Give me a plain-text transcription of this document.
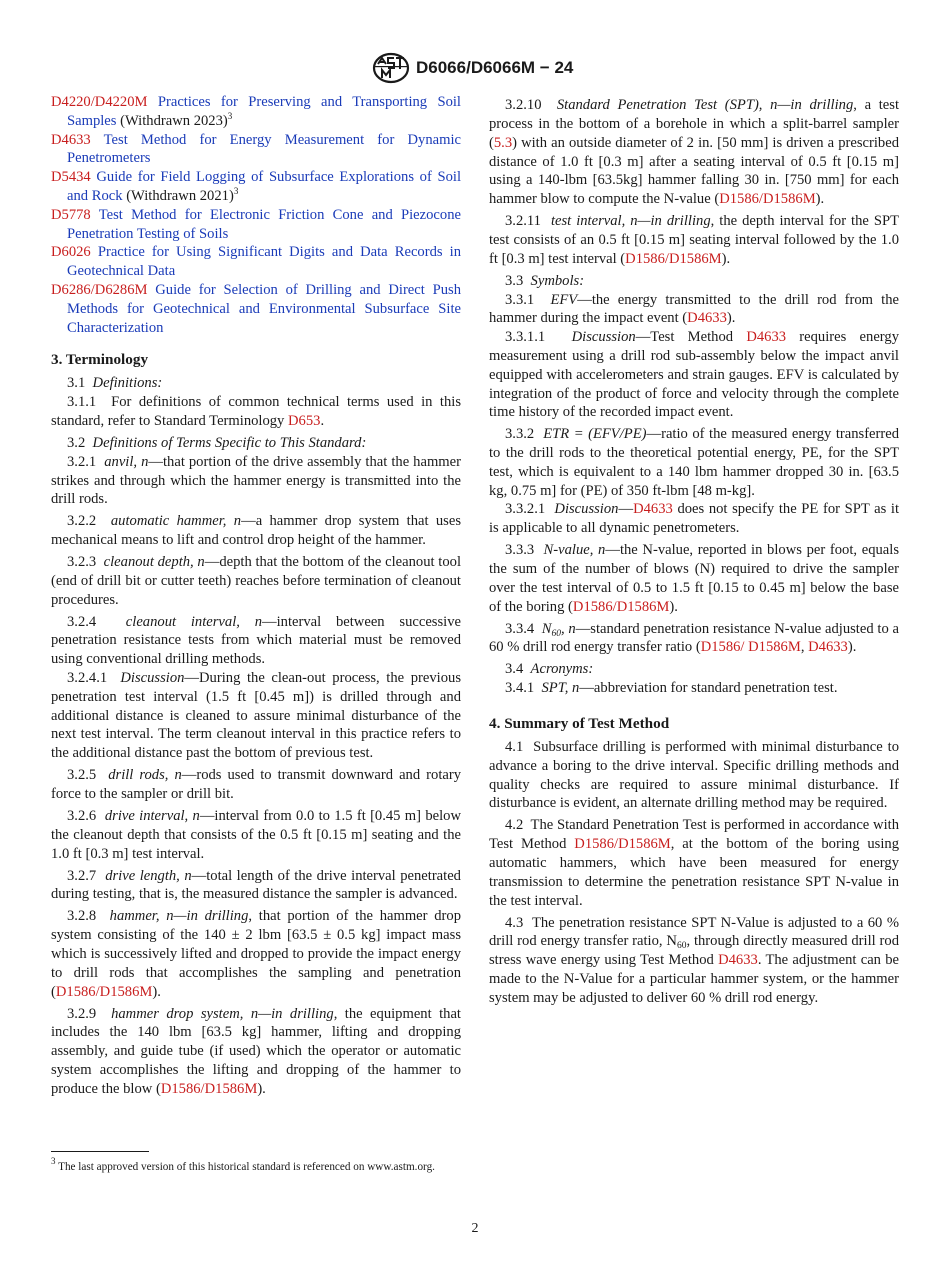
D6066/D6066M − 24

D4220/D4220M Practices for Preserving and Transporting Soil Samples (Withdrawn 2023)$^3$

D4633 Test Method for Energy Measurement for Dynamic Penetrometers

D5434 Guide for Field Logging of Subsurface Explorations of Soil and Rock (Withdrawn 2021)$^3$

D5778 Test Method for Electronic Friction Cone and Piezocone Penetration Testing of Soils

D6026 Practice for Using Significant Digits and Data Records in Geotechnical Data

D6286/D6286M Guide for Selection of Drilling and Direct Push Methods for Geotechnical and Environmental Subsurface Site Characterization

3. Terminology

3.1 Definitions:

3.1.1 For definitions of common technical terms used in this standard, refer to Standard Terminology D653.

3.2 Definitions of Terms Specific to This Standard:

3.2.1 anvil, n—that portion of the drive assembly that the hammer strikes and through which the hammer energy is transmitted into the drill rods.

3.2.2 automatic hammer, n—a hammer drop system that uses mechanical means to lift and control drop height of the hammer.

3.2.3 cleanout depth, n—depth that the bottom of the cleanout tool (end of drill bit or cutter teeth) reaches before termination of cleanout procedures.

3.2.4 cleanout interval, n—interval between successive penetration resistance tests from which material must be removed using conventional drilling methods.

3.2.4.1 Discussion—During the clean-out process, the previous penetration test interval (1.5 ft [0.45 m]) is drilled through and additional distance is cleaned to assure minimal disturbance of the next test interval. The term cleanout interval in this practice refers to the additional distance past the bottom of previous test.

3.2.5 drill rods, n—rods used to transmit downward and rotary force to the sampler or drill bit.

3.2.6 drive interval, n—interval from 0.0 to 1.5 ft [0.45 m] below the cleanout depth that consists of the 0.5 ft [0.15 m] seating and the 1.0 ft [0.3 m] test interval.

3.2.7 drive length, n—total length of the drive interval penetrated during testing, that is, the measured distance the sampler is advanced.

3.2.8 hammer, n—in drilling, that portion of the hammer drop system consisting of the 140 ± 2 lbm [63.5 ± 0.5 kg] impact mass which is successively lifted and dropped to provide the impact energy to drill rods that accomplishes the sampling and penetration (D1586/D1586M).

3.2.9 hammer drop system, n—in drilling, the equipment that includes the 140 lbm [63.5 kg] hammer, lifting and dropping assembly, and guide tube (if used) which the operator or automatic system accomplishes the lifting and dropping of the hammer to produce the blow (D1586/D1586M).

$^3$ The last approved version of this historical standard is referenced on www.astm.org.

3.2.10 Standard Penetration Test (SPT), n—in drilling, a test process in the bottom of a borehole in which a split-barrel sampler (5.3) with an outside diameter of 2 in. [50 mm] is driven a prescribed distance of 1.0 ft [0.3 m] after a seating interval of 0.5 ft [0.15 m] using a 140-lbm [63.5kg] hammer falling 30 in. [750 mm] for each hammer blow to compute the N-value (D1586/D1586M).

3.2.11 test interval, n—in drilling, the depth interval for the SPT test consists of an 0.5 ft [0.15 m] seating interval followed by the 1.0 ft [0.3 m] test interval (D1586/D1586M).

3.3 Symbols:

3.3.1 EFV—the energy transmitted to the drill rod from the hammer during the impact event (D4633).

3.3.1.1 Discussion—Test Method D4633 requires energy measurement using a drill rod sub-assembly below the impact anvil equipped with accelerometers and strain gauges. EFV is calculated by integration of the product of force and velocity through the complete time history of the recorded impact event.

3.3.2 ETR = (EFV/PE)—ratio of the measured energy transferred to the drill rods to the theoretical potential energy, PE, for the SPT test, which is equivalent to a 140 lbm hammer dropped 30 in. [63.5 kg, 0.75 m] for (PE) of 350 ft-lbm [48 m-kg].

3.3.2.1 Discussion—D4633 does not specify the PE for SPT as it is applicable to all dynamic penetrometers.

3.3.3 N-value, n—the N-value, reported in blows per foot, equals the sum of the number of blows (N) required to drive the sampler over the test interval of 0.5 to 1.5 ft [0.15 to 0.45 m] below the base of the boring (D1586/D1586M).

3.3.4 $N_{60}$, n—standard penetration resistance N-value adjusted to a 60 % drill rod energy transfer ratio (D1586/ D1586M, D4633).

3.4 Acronyms:

3.4.1 SPT, n—abbreviation for standard penetration test.

4. Summary of Test Method

4.1 Subsurface drilling is performed with minimal disturbance to advance a boring to the drive interval. Specific drilling methods and quality checks are required to assure minimal disturbance. If disturbance is evident, an alternate drilling method may be required.

4.2 The Standard Penetration Test is performed in accordance with Test Method D1586/D1586M, at the bottom of the boring using automatic hammers, which have been measured for energy transmission to determine the penetration resistance SPT N-value in the test interval.

4.3 The penetration resistance SPT N-Value is adjusted to a 60 % drill rod energy transfer ratio, $N_{60}$, through directly measured drill rod stress wave energy using Test Method D4633. The adjustment can be made to the N-Value for a particular hammer system, or the hammer system may be adjusted to deliver 60 % drill rod energy.

2
